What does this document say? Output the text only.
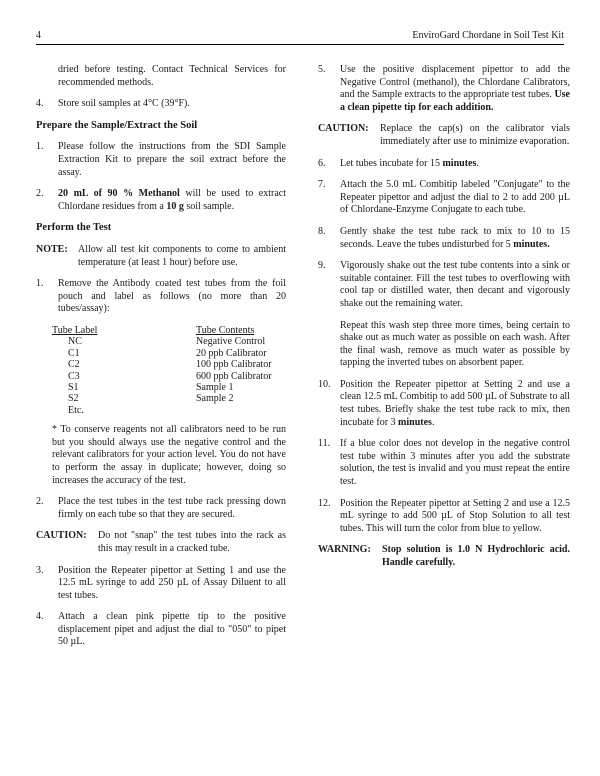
4	EnviroGard Chordane in Soil Test Kit
dried before testing. Contact Technical Services for recommended methods.
4.	Store soil samples at 4°C (39°F).
Prepare the Sample/Extract the Soil
1.	Please follow the instructions from the SDI Sample Extraction Kit to prepare the soil extract before the assay.
2.	20 mL of 90 % Methanol will be used to extract Chlordane residues from a 10 g soil sample.
Perform the Test
NOTE:	Allow all test kit components to come to ambient temperature (at least 1 hour) before use.
1.	Remove the Antibody coated test tubes from the foil pouch and label as follows (no more than 20 tubes/assay):
Tube Label	Tube Contents
NC	Negative Control
C1	20 ppb Calibrator
C2	100 ppb Calibrator
C3	600 ppb Calibrator
S1	Sample 1
S2	Sample 2
Etc.	
* To conserve reagents not all calibrators need to be run but you should always use the negative control and the relevant calibrators for your action level. You do not have to perform the assay in duplicate; however, doing so increases the accuracy of the test.
2.	Place the test tubes in the test tube rack pressing down firmly on each tube so that they are secured.
CAUTION:	Do not "snap" the test tubes into the rack as this may result in a cracked tube.
3.	Position the Repeater pipettor at Setting 1 and use the 12.5 mL syringe to add 250 µL of Assay Diluent to all test tubes.
4.	Attach a clean pink pipette tip to the positive displacement pipet and adjust the dial to "050" to pipet 50 µL.
5.	Use the positive displacement pipettor to add the Negative Control (methanol), the Chlordane Calibrators, and the Sample extracts to the appropriate test tubes. Use a clean pipette tip for each addition.
CAUTION:	Replace the cap(s) on the calibrator vials immediately after use to minimize evaporation.
6.	Let tubes incubate for 15 minutes.
7.	Attach the 5.0 mL Combitip labeled "Conjugate" to the Repeater pipettor and adjust the dial to 2 to add 200 µL of Chlordane-Enzyme Conjugate to each tube.
8.	Gently shake the test tube rack to mix to 10 to 15 seconds. Leave the tubes undisturbed for 5 minutes.
9.	Vigorously shake out the test tube contents into a sink or suitable container. Fill the test tubes to overflowing with cool tap or distilled water, then decant and vigorously shake out the remaining water.
Repeat this wash step three more times, being certain to shake out as much water as possible on each wash. After the final wash, remove as much water as possible by tapping the inverted tubes on absorbent paper.
10. Position the Repeater pipettor at Setting 2 and use a clean 12.5 mL Combitip to add 500 µL of Substrate to all test tubes. Briefly shake the test tube rack to mix, then incubate for 3 minutes.
11. If a blue color does not develop in the negative control test tube within 3 minutes after you add the substrate solution, the test is invalid and you must repeat the entire test.
12. Position the Repeater pipettor at Setting 2 and use a 12.5 mL syringe to add 500 µL of Stop Solution to all test tubes. This will turn the color from blue to yellow.
WARNING:	Stop solution is 1.0 N Hydrochloric acid. Handle carefully.
